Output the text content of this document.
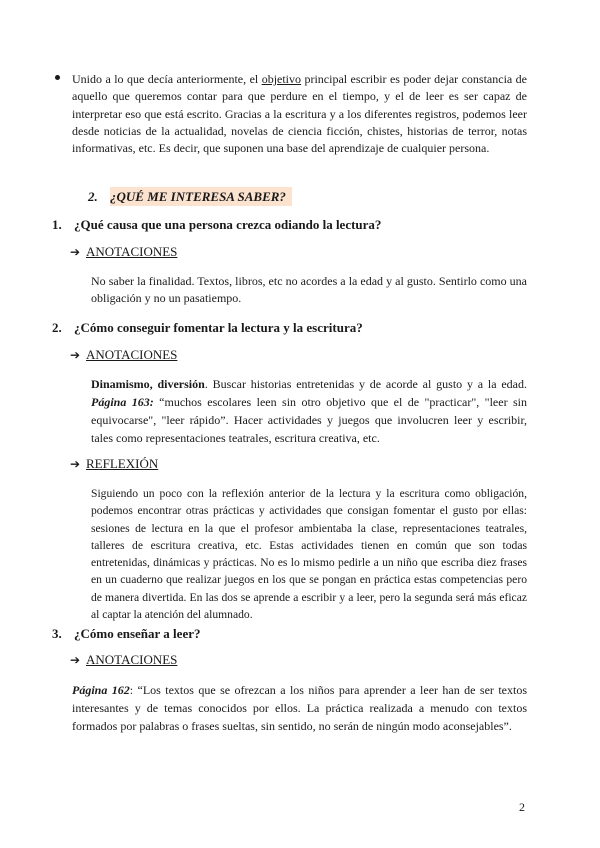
Unido a lo que decía anteriormente, el objetivo principal escribir es poder dejar constancia de aquello que queremos contar para que perdure en el tiempo, y el de leer es ser capaz de interpretar eso que está escrito. Gracias a la escritura y a los diferentes registros, podemos leer desde noticias de la actualidad, novelas de ciencia ficción, chistes, historias de terror, notas informativas, etc. Es decir, que suponen una base del aprendizaje de cualquier persona.

2. ¿QUÉ ME INTERESA SABER?
1. ¿Qué causa que una persona crezca odiando la lectura?
➔ ANOTACIONES

No saber la finalidad. Textos, libros, etc no acordes a la edad y al gusto. Sentirlo como una obligación y no un pasatiempo.

2. ¿Cómo conseguir fomentar la lectura y la escritura?
➔ ANOTACIONES

Dinamismo, diversión. Buscar historias entretenidas y de acorde al gusto y a la edad. Página 163: “muchos escolares leen sin otro objetivo que el de "practicar", "leer sin equivocarse", "leer rápido”. Hacer actividades y juegos que involucren leer y escribir, tales como representaciones teatrales, escritura creativa, etc.

➔ REFLEXIÓN

Siguiendo un poco con la reflexión anterior de la lectura y la escritura como obligación, podemos encontrar otras prácticas y actividades que consigan fomentar el gusto por ellas: sesiones de lectura en la que el profesor ambientaba la clase, representaciones teatrales, talleres de escritura creativa, etc. Estas actividades tienen en común que son todas entretenidas, dinámicas y prácticas. No es lo mismo pedirle a un niño que escriba diez frases en un cuaderno que realizar juegos en los que se pongan en práctica estas competencias pero de manera divertida. En las dos se aprende a escribir y a leer, pero la segunda será más eficaz al captar la atención del alumnado.

3. ¿Cómo enseñar a leer?
➔ ANOTACIONES

Página 162: “Los textos que se ofrezcan a los niños para aprender a leer han de ser textos interesantes y de temas conocidos por ellos. La práctica realizada a menudo con textos formados por palabras o frases sueltas, sin sentido, no serán de ningún modo aconsejables”.

2
